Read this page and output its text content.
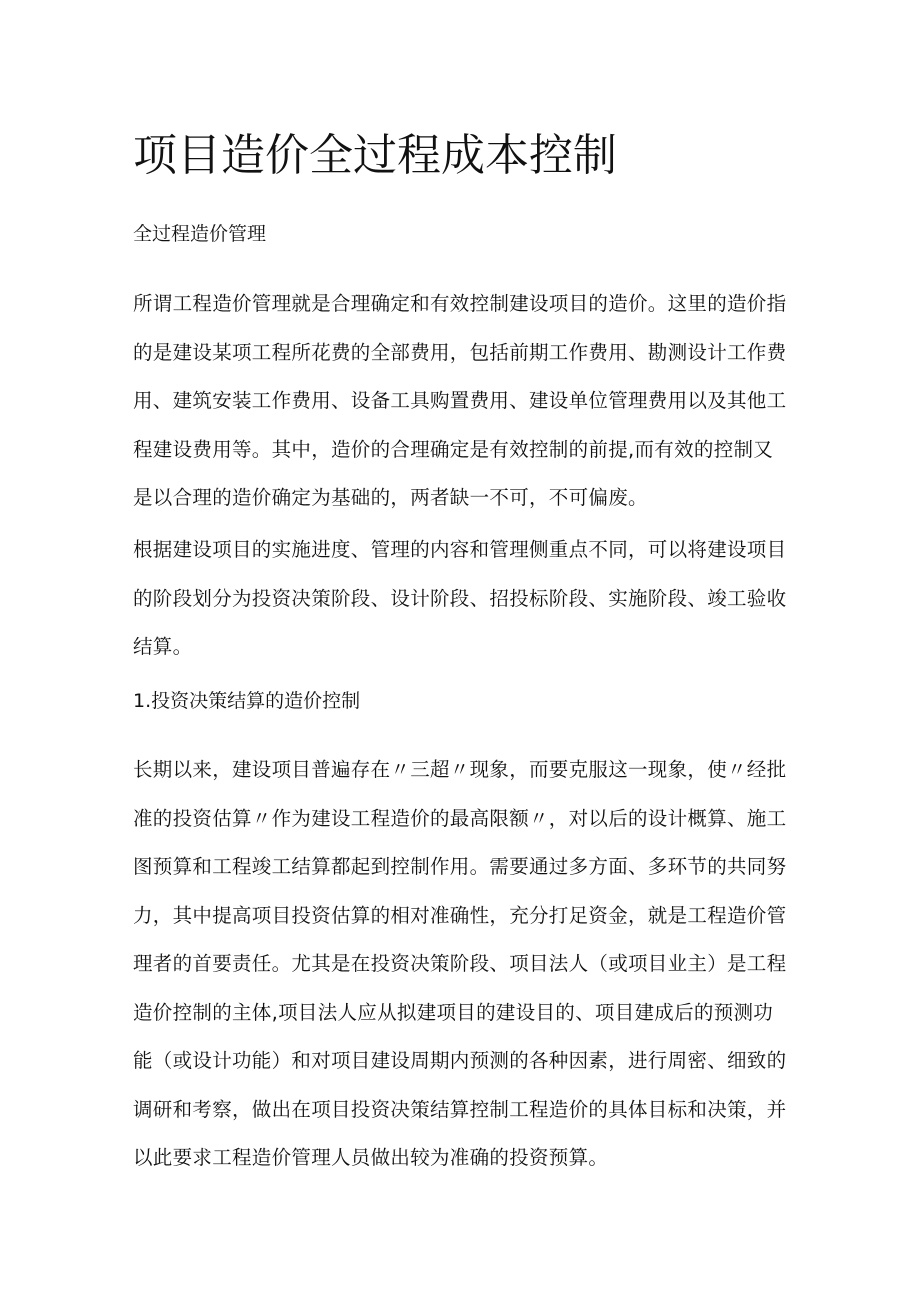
项目造价全过程成本控制

全过程造价管理

所谓工程造价管理就是合理确定和有效控制建设项目的造价。这里的造价指
的是建设某项工程所花费的全部费用，包括前期工作费用、勘测设计工作费
用、建筑安装工作费用、设备工具购置费用、建设单位管理费用以及其他工
程建设费用等。其中，造价的合理确定是有效控制的前提,而有效的控制又
是以合理的造价确定为基础的，两者缺一不可，不可偏废。
根据建设项目的实施进度、管理的内容和管理侧重点不同，可以将建设项目
的阶段划分为投资决策阶段、设计阶段、招投标阶段、实施阶段、竣工验收
结算。

1.投资决策结算的造价控制

长期以来，建设项目普遍存在〃三超〃现象，而要克服这一现象，使〃经批
准的投资估算〃作为建设工程造价的最高限额〃，对以后的设计概算、施工
图预算和工程竣工结算都起到控制作用。需要通过多方面、多环节的共同努
力，其中提高项目投资估算的相对准确性，充分打足资金，就是工程造价管
理者的首要责任。尤其是在投资决策阶段、项目法人（或项目业主）是工程
造价控制的主体,项目法人应从拟建项目的建设目的、项目建成后的预测功
能（或设计功能）和对项目建设周期内预测的各种因素，进行周密、细致的
调研和考察，做出在项目投资决策结算控制工程造价的具体目标和决策，并
以此要求工程造价管理人员做出较为准确的投资预算。
